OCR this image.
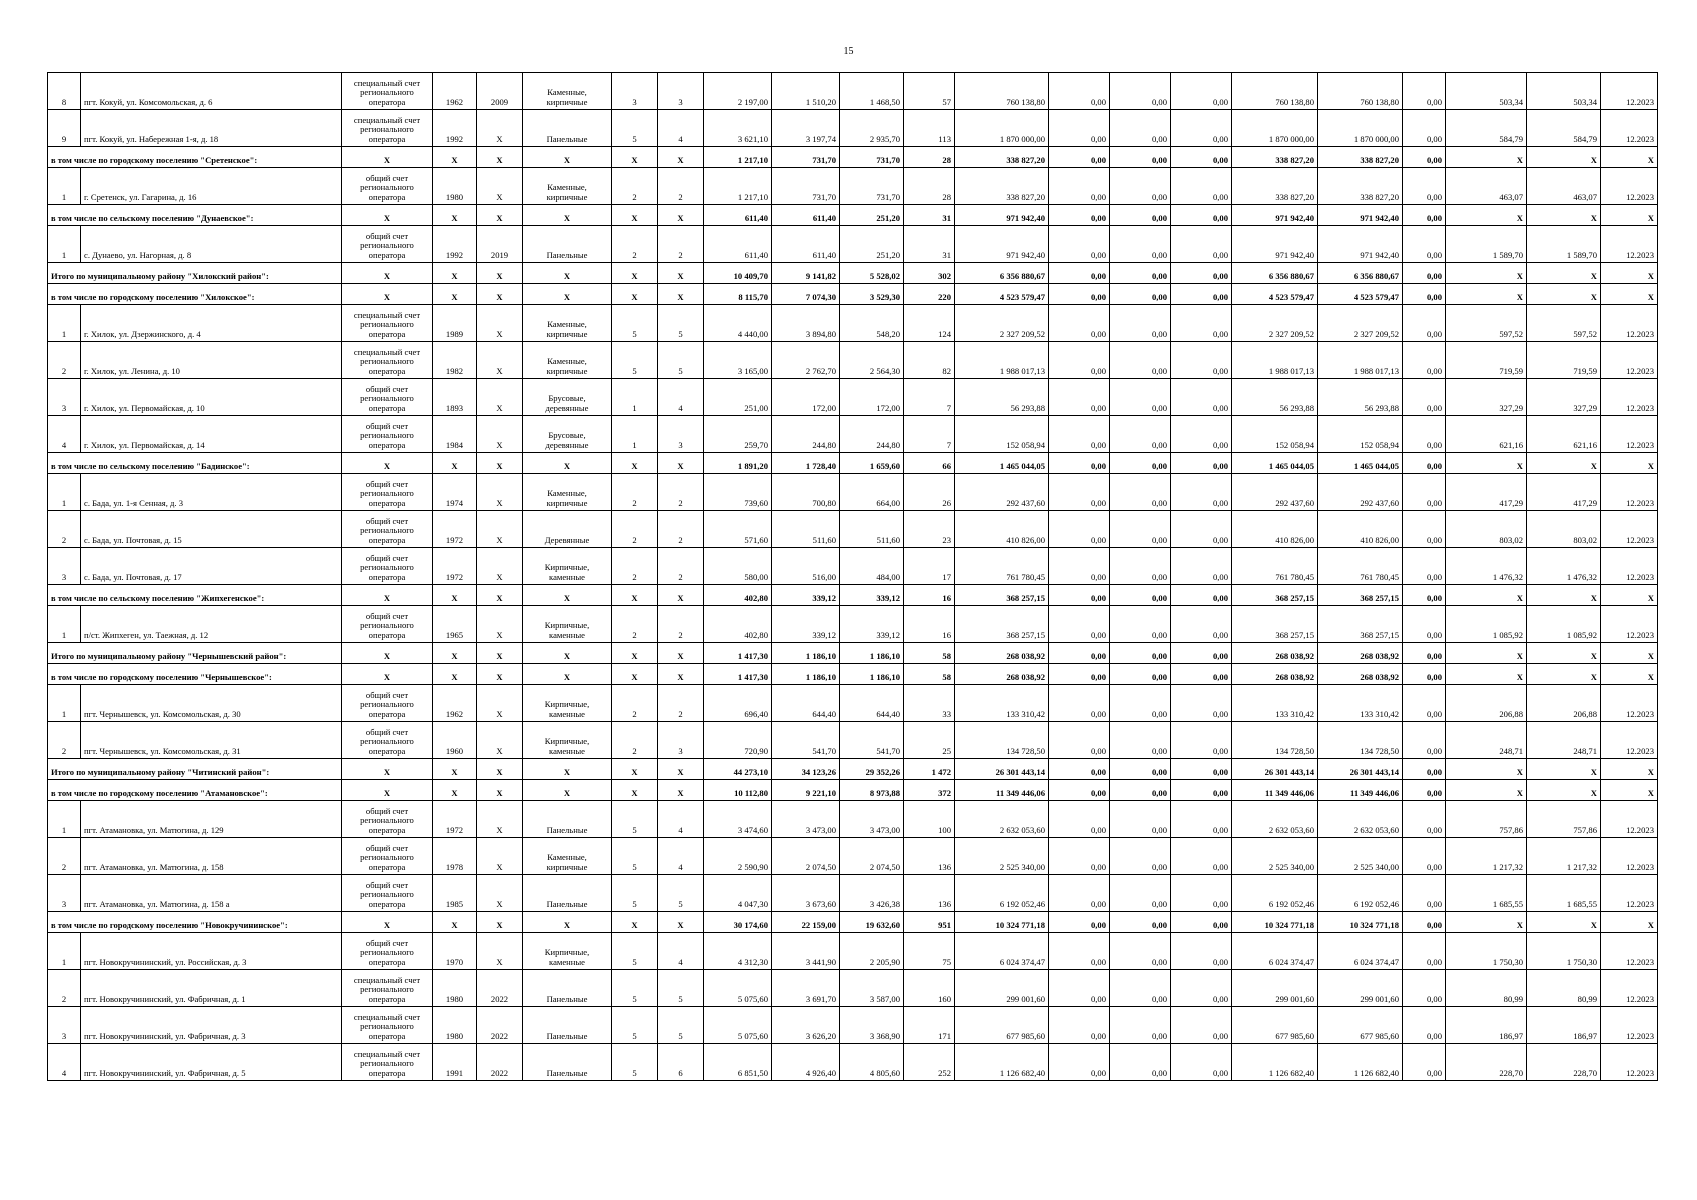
15
8	пгт. Кокуй, ул. Комсомольская, д. 6	специальный счет регионального оператора	1962	2009	Каменные, кирпичные	3	3	2 197,00	1 510,20	1 468,50	57	760 138,80	0,00	0,00	0,00	760 138,80	760 138,80	0,00	503,34	503,34	12.2023
9	пгт. Кокуй, ул. Набережная 1-я, д. 18	специальный счет регионального оператора	1992	Х	Панельные	5	4	3 621,10	3 197,74	2 935,70	113	1 870 000,00	0,00	0,00	0,00	1 870 000,00	1 870 000,00	0,00	584,79	584,79	12.2023
в том числе по городскому поселению "Сретенское":		Х	Х	Х	Х	Х	Х	1 217,10	731,70	731,70	28	338 827,20	0,00	0,00	0,00	338 827,20	338 827,20	0,00	Х	Х	Х
1	г. Сретенск, ул. Гагарина, д. 16	общий счет регионального оператора	1980	Х	Каменные, кирпичные	2	2	1 217,10	731,70	731,70	28	338 827,20	0,00	0,00	0,00	338 827,20	338 827,20	0,00	463,07	463,07	12.2023
в том числе по сельскому поселению "Дунаевское":		Х	Х	Х	Х	Х	Х	611,40	611,40	251,20	31	971 942,40	0,00	0,00	0,00	971 942,40	971 942,40	0,00	Х	Х	Х
1	с. Дунаево, ул. Нагорная, д. 8	общий счет регионального оператора	1992	2019	Панельные	2	2	611,40	611,40	251,20	31	971 942,40	0,00	0,00	0,00	971 942,40	971 942,40	0,00	1 589,70	1 589,70	12.2023
Итого по муниципальному району "Хилокский район":		Х	Х	Х	Х	Х	Х	10 409,70	9 141,82	5 528,02	302	6 356 880,67	0,00	0,00	0,00	6 356 880,67	6 356 880,67	0,00	Х	Х	Х
в том числе по городскому поселению "Хилокское":		Х	Х	Х	Х	Х	Х	8 115,70	7 074,30	3 529,30	220	4 523 579,47	0,00	0,00	0,00	4 523 579,47	4 523 579,47	0,00	Х	Х	Х
1	г. Хилок, ул. Дзержинского, д. 4	специальный счет регионального оператора	1989	Х	Каменные, кирпичные	5	5	4 440,00	3 894,80	548,20	124	2 327 209,52	0,00	0,00	0,00	2 327 209,52	2 327 209,52	0,00	597,52	597,52	12.2023
2	г. Хилок, ул. Ленина, д. 10	специальный счет регионального оператора	1982	Х	Каменные, кирпичные	5	5	3 165,00	2 762,70	2 564,30	82	1 988 017,13	0,00	0,00	0,00	1 988 017,13	1 988 017,13	0,00	719,59	719,59	12.2023
3	г. Хилок, ул. Первомайская, д. 10	общий счет регионального оператора	1893	Х	Брусовые, деревянные	1	4	251,00	172,00	172,00	7	56 293,88	0,00	0,00	0,00	56 293,88	56 293,88	0,00	327,29	327,29	12.2023
4	г. Хилок, ул. Первомайская, д. 14	общий счет регионального оператора	1984	Х	Брусовые, деревянные	1	3	259,70	244,80	244,80	7	152 058,94	0,00	0,00	0,00	152 058,94	152 058,94	0,00	621,16	621,16	12.2023
в том числе по сельскому поселению "Бадинское":		Х	Х	Х	Х	Х	Х	1 891,20	1 728,40	1 659,60	66	1 465 044,05	0,00	0,00	0,00	1 465 044,05	1 465 044,05	0,00	Х	Х	Х
1	с. Бада, ул. 1-я Сенная, д. 3	общий счет регионального оператора	1974	Х	Каменные, кирпичные	2	2	739,60	700,80	664,00	26	292 437,60	0,00	0,00	0,00	292 437,60	292 437,60	0,00	417,29	417,29	12.2023
2	с. Бада, ул. Почтовая, д. 15	общий счет регионального оператора	1972	Х	Деревянные	2	2	571,60	511,60	511,60	23	410 826,00	0,00	0,00	0,00	410 826,00	410 826,00	0,00	803,02	803,02	12.2023
3	с. Бада, ул. Почтовая, д. 17	общий счет регионального оператора	1972	Х	Кирпичные, каменные	2	2	580,00	516,00	484,00	17	761 780,45	0,00	0,00	0,00	761 780,45	761 780,45	0,00	1 476,32	1 476,32	12.2023
в том числе по сельскому поселению "Жипхегенское":		Х	Х	Х	Х	Х	Х	402,80	339,12	339,12	16	368 257,15	0,00	0,00	0,00	368 257,15	368 257,15	0,00	Х	Х	Х
1	п/ст. Жипхеген, ул. Таежная, д. 12	общий счет регионального оператора	1965	Х	Кирпичные, каменные	2	2	402,80	339,12	339,12	16	368 257,15	0,00	0,00	0,00	368 257,15	368 257,15	0,00	1 085,92	1 085,92	12.2023
Итого по муниципальному району "Чернышевский район":		Х	Х	Х	Х	Х	Х	1 417,30	1 186,10	1 186,10	58	268 038,92	0,00	0,00	0,00	268 038,92	268 038,92	0,00	Х	Х	Х
в том числе по городскому поселению "Чернышевское":		Х	Х	Х	Х	Х	Х	1 417,30	1 186,10	1 186,10	58	268 038,92	0,00	0,00	0,00	268 038,92	268 038,92	0,00	Х	Х	Х
1	пгт. Чернышевск, ул. Комсомольская, д. 30	общий счет регионального оператора	1962	Х	Кирпичные, каменные	2	2	696,40	644,40	644,40	33	133 310,42	0,00	0,00	0,00	133 310,42	133 310,42	0,00	206,88	206,88	12.2023
2	пгт. Чернышевск, ул. Комсомольская, д. 31	общий счет регионального оператора	1960	Х	Кирпичные, каменные	2	3	720,90	541,70	541,70	25	134 728,50	0,00	0,00	0,00	134 728,50	134 728,50	0,00	248,71	248,71	12.2023
Итого по муниципальному району "Читинский район":		Х	Х	Х	Х	Х	Х	44 273,10	34 123,26	29 352,26	1 472	26 301 443,14	0,00	0,00	0,00	26 301 443,14	26 301 443,14	0,00	Х	Х	Х
в том числе по городскому поселению "Атамановское":		Х	Х	Х	Х	Х	Х	10 112,80	9 221,10	8 973,88	372	11 349 446,06	0,00	0,00	0,00	11 349 446,06	11 349 446,06	0,00	Х	Х	Х
1	пгт. Атамановка, ул. Матюгина, д. 129	общий счет регионального оператора	1972	Х	Панельные	5	4	3 474,60	3 473,00	3 473,00	100	2 632 053,60	0,00	0,00	0,00	2 632 053,60	2 632 053,60	0,00	757,86	757,86	12.2023
2	пгт. Атамановка, ул. Матюгина, д. 158	общий счет регионального оператора	1978	Х	Каменные, кирпичные	5	4	2 590,90	2 074,50	2 074,50	136	2 525 340,00	0,00	0,00	0,00	2 525 340,00	2 525 340,00	0,00	1 217,32	1 217,32	12.2023
3	пгт. Атамановка, ул. Матюгина, д. 158 а	общий счет регионального оператора	1985	Х	Панельные	5	5	4 047,30	3 673,60	3 426,38	136	6 192 052,46	0,00	0,00	0,00	6 192 052,46	6 192 052,46	0,00	1 685,55	1 685,55	12.2023
в том числе по городскому поселению "Новокручининское":		Х	Х	Х	Х	Х	Х	30 174,60	22 159,00	19 632,60	951	10 324 771,18	0,00	0,00	0,00	10 324 771,18	10 324 771,18	0,00	Х	Х	Х
1	пгт. Новокручининский, ул. Российская, д. 3	общий счет регионального оператора	1970	Х	Кирпичные, каменные	5	4	4 312,30	3 441,90	2 205,90	75	6 024 374,47	0,00	0,00	0,00	6 024 374,47	6 024 374,47	0,00	1 750,30	1 750,30	12.2023
2	пгт. Новокручининский, ул. Фабричная, д. 1	специальный счет регионального оператора	1980	2022	Панельные	5	5	5 075,60	3 691,70	3 587,00	160	299 001,60	0,00	0,00	0,00	299 001,60	299 001,60	0,00	80,99	80,99	12.2023
3	пгт. Новокручининский, ул. Фабричная, д. 3	специальный счет регионального оператора	1980	2022	Панельные	5	5	5 075,60	3 626,20	3 368,90	171	677 985,60	0,00	0,00	0,00	677 985,60	677 985,60	0,00	186,97	186,97	12.2023
4	пгт. Новокручининский, ул. Фабричная, д. 5	специальный счет регионального оператора	1991	2022	Панельные	5	6	6 851,50	4 926,40	4 805,60	252	1 126 682,40	0,00	0,00	0,00	1 126 682,40	1 126 682,40	0,00	228,70	228,70	12.2023
